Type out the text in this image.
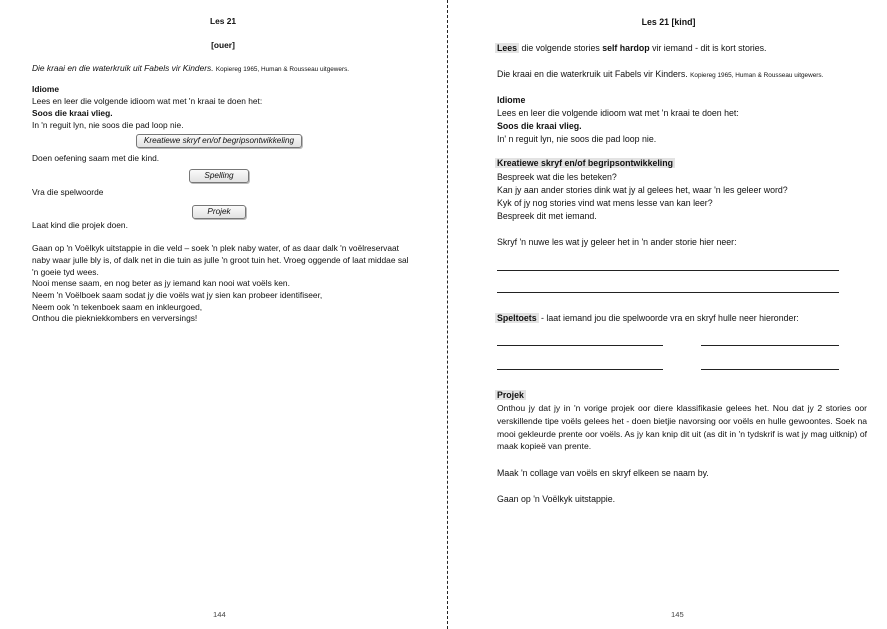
Les 21
[ouer]
Die kraai en die waterkruik uit Fabels vir Kinders. Kopiereg 1965, Human & Rousseau uitgewers.
Idiome
Lees en leer die volgende idioom wat met 'n kraai te doen het:
Soos die kraai vlieg.
In 'n reguit lyn, nie soos die pad loop nie.
Kreatiewe skryf en/of begripsontwikkeling
Doen oefening saam met die kind.
Spelling
Vra die spelwoorde
Projek
Laat kind die projek doen.
Gaan op 'n Voëlkyk uitstappie in die veld – soek 'n plek naby water, of as daar dalk 'n voëlreservaat
naby waar julle bly is, of dalk net in die tuin as julle 'n groot tuin het. Vroeg oggende of laat middae sal
'n goeie tyd wees.
Nooi mense saam, en nog beter as jy iemand kan nooi wat voëls ken.
Neem 'n Voëlboek saam sodat jy die voëls wat jy sien kan probeer identifiseer,
Neem ook 'n tekenboek saam en inkleurgoed,
Onthou die piekniekkombers en verversings!
144
Les 21 [kind]
Lees die volgende stories self hardop vir iemand - dit is kort stories.
Die kraai en die waterkruik uit Fabels vir Kinders. Kopiereg 1965, Human & Rousseau uitgewers.
Idiome
Lees en leer die volgende idioom wat met 'n kraai te doen het:
Soos die kraai vlieg.
In' n reguit lyn, nie soos die pad loop nie.
Kreatiewe skryf en/of begripsontwikkeling
Bespreek wat die les beteken?
Kan jy aan ander stories dink wat jy al gelees het, waar 'n les geleer word?
Kyk of jy nog stories vind wat mens lesse van kan leer?
Bespreek dit met iemand.
Skryf 'n nuwe les wat jy geleer het in 'n ander storie hier neer:
Speltoets - laat iemand jou die spelwoorde vra en skryf hulle neer hieronder:
Projek
Onthou jy dat jy in 'n vorige projek oor diere klassifikasie gelees het. Nou dat jy 2 stories oor verskillende tipe voëls gelees het - doen bietjie navorsing oor voëls en hulle gewoontes. Soek na mooi gekleurde prente oor voëls. As jy kan knip dit uit (as dit in 'n tydskrif is wat jy mag uitknip) of maak kopieë van prente.
Maak 'n collage van voëls en skryf elkeen se naam by.
Gaan op 'n Voëlkyk uitstappie.
145
